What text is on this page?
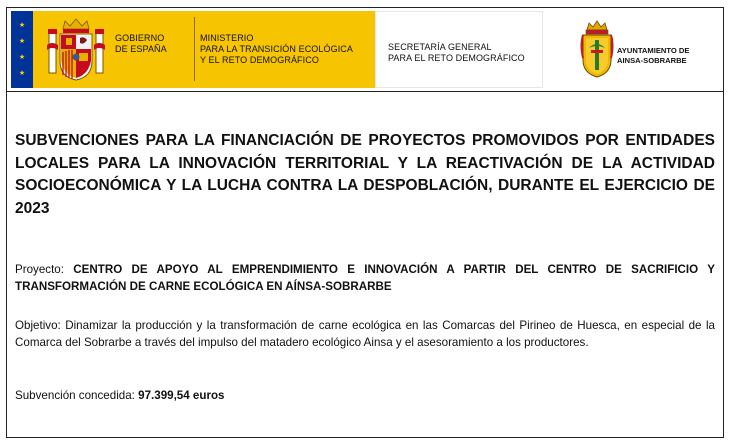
★
★
★
★
GOBIERNO
DE ESPAÑA
MINISTERIO
PARA LA TRANSICIÓN ECOLÓGICA
Y EL RETO DEMOGRÁFICO
SECRETARÍA GENERAL
PARA EL RETO DEMOGRÁFICO
AYUNTAMIENTO DE
AINSA-SOBRARBE
SUBVENCIONES PARA LA FINANCIACIÓN DE PROYECTOS PROMOVIDOS POR ENTIDADES LOCALES PARA LA INNOVACIÓN TERRITORIAL Y LA REACTIVACIÓN DE LA ACTIVIDAD SOCIOECONÓMICA Y LA LUCHA CONTRA LA DESPOBLACIÓN, DURANTE EL EJERCICIO DE 2023
Proyecto: CENTRO DE APOYO AL EMPRENDIMIENTO E INNOVACIÓN A PARTIR DEL CENTRO DE SACRIFICIO Y TRANSFORMACIÓN DE CARNE ECOLÓGICA EN AÍNSA-SOBRARBE
Objetivo: Dinamizar la producción y la transformación de carne ecológica en las Comarcas del Pirineo de Huesca, en especial de la Comarca del Sobrarbe a través del impulso del matadero ecológico Ainsa y el asesoramiento a los productores.
Subvención concedida: 97.399,54 euros
